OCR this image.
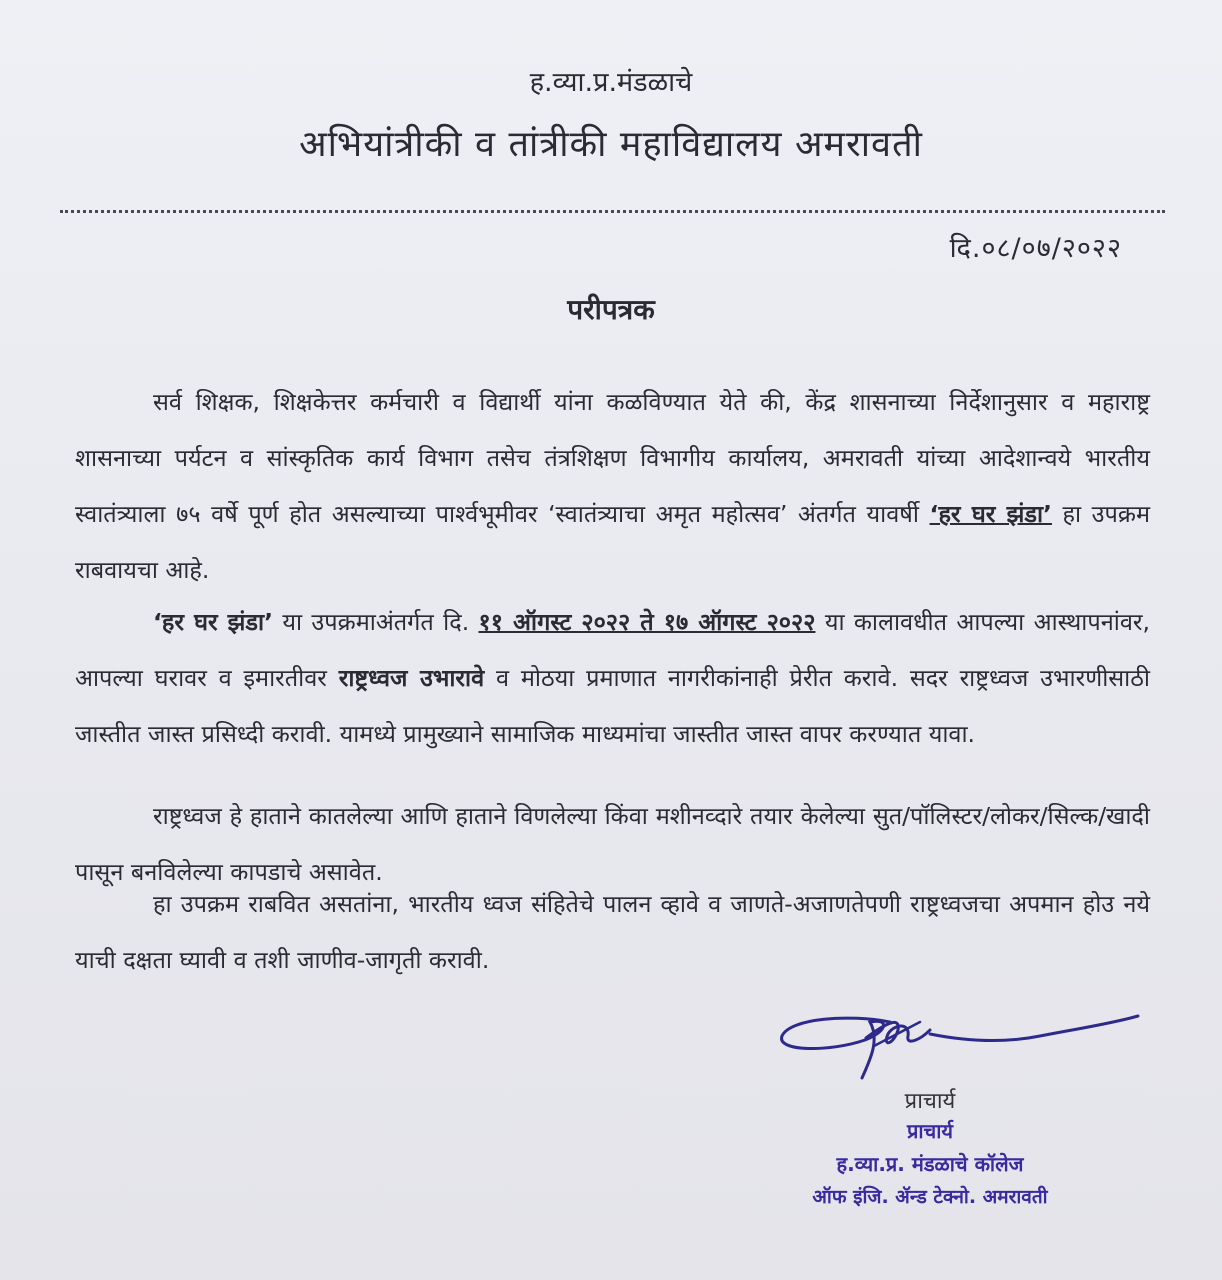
ह.व्या.प्र.मंडळाचे
अभियांत्रीकी व तांत्रीकी महाविद्यालय अमरावती
दि.०८/०७/२०२२
परीपत्रक
सर्व शिक्षक, शिक्षकेत्तर कर्मचारी व विद्यार्थी यांना कळविण्यात येते की, केंद्र शासनाच्या निर्देशानुसार व महाराष्ट्र शासनाच्या पर्यटन व सांस्कृतिक कार्य विभाग तसेच तंत्रशिक्षण विभागीय कार्यालय, अमरावती यांच्या आदेशान्वये भारतीय स्वातंत्र्याला ७५ वर्षे पूर्ण होत असल्याच्या पार्श्वभूमीवर ‘स्वातंत्र्याचा अमृत महोत्सव’ अंतर्गत यावर्षी ‘हर घर झंडा’ हा उपक्रम राबवायचा आहे.
‘हर घर झंडा’ या उपक्रमाअंतर्गत दि. ११ ऑगस्ट २०२२ ते १७ ऑगस्ट २०२२ या कालावधीत आपल्या आस्थापनांवर, आपल्या घरावर व इमारतीवर राष्ट्रध्वज उभारावे व मोठया प्रमाणात नागरीकांनाही प्रेरीत करावे. सदर राष्ट्रध्वज उभारणीसाठी जास्तीत जास्त प्रसिध्दी करावी. यामध्ये प्रामुख्याने सामाजिक माध्यमांचा जास्तीत जास्त वापर करण्यात यावा.
राष्ट्रध्वज हे हाताने कातलेल्या आणि हाताने विणलेल्या किंवा मशीनव्दारे तयार केलेल्या सुत/पॉलिस्टर/लोकर/सिल्क/खादी पासून बनविलेल्या कापडाचे असावेत.
हा उपक्रम राबवित असतांना, भारतीय ध्वज संहितेचे पालन व्हावे व जाणते-अजाणतेपणी राष्ट्रध्वजचा अपमान होउ नये याची दक्षता घ्यावी व तशी जाणीव-जागृती करावी.
प्राचार्य
प्राचार्य
ह.व्या.प्र. मंडळाचे कॉलेज
ऑफ इंजि. ॲन्ड टेक्नो. अमरावती
